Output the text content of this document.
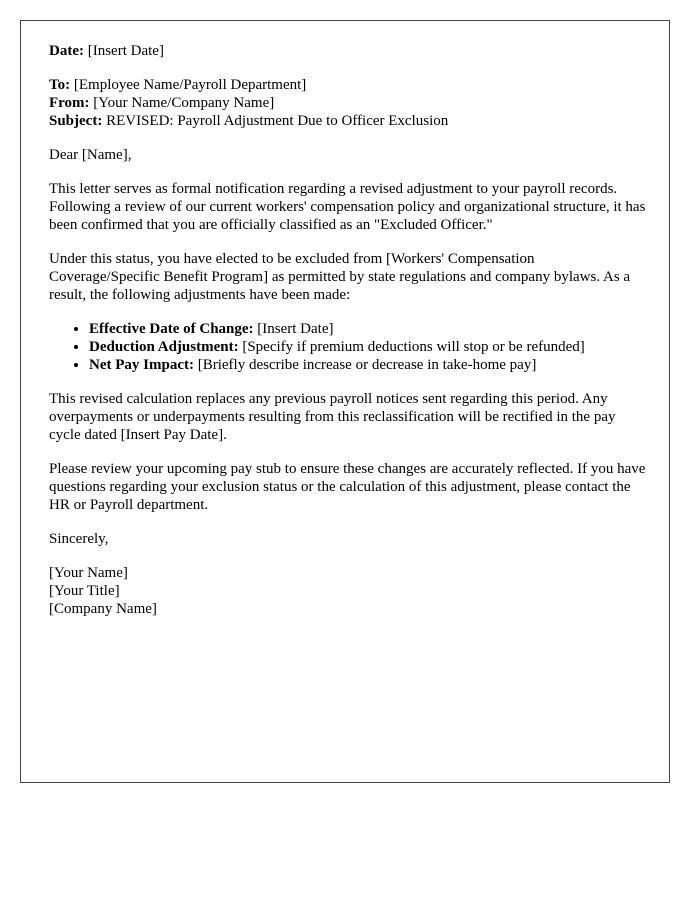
Date: [Insert Date]

To: [Employee Name/Payroll Department]

From: [Your Name/Company Name]

Subject: REVISED: Payroll Adjustment Due to Officer Exclusion

Dear [Name],

This letter serves as formal notification regarding a revised adjustment to your payroll records. Following a review of our current workers' compensation policy and organizational structure, it has been confirmed that you are officially classified as an "Excluded Officer."

Under this status, you have elected to be excluded from [Workers' Compensation Coverage/Specific Benefit Program] as permitted by state regulations and company bylaws. As a result, the following adjustments have been made:

• Effective Date of Change: [Insert Date]
• Deduction Adjustment: [Specify if premium deductions will stop or be refunded]
• Net Pay Impact: [Briefly describe increase or decrease in take-home pay]

This revised calculation replaces any previous payroll notices sent regarding this period. Any overpayments or underpayments resulting from this reclassification will be rectified in the pay cycle dated [Insert Pay Date].

Please review your upcoming pay stub to ensure these changes are accurately reflected. If you have questions regarding your exclusion status or the calculation of this adjustment, please contact the HR or Payroll department.

Sincerely,

[Your Name]

[Your Title]

[Company Name]
